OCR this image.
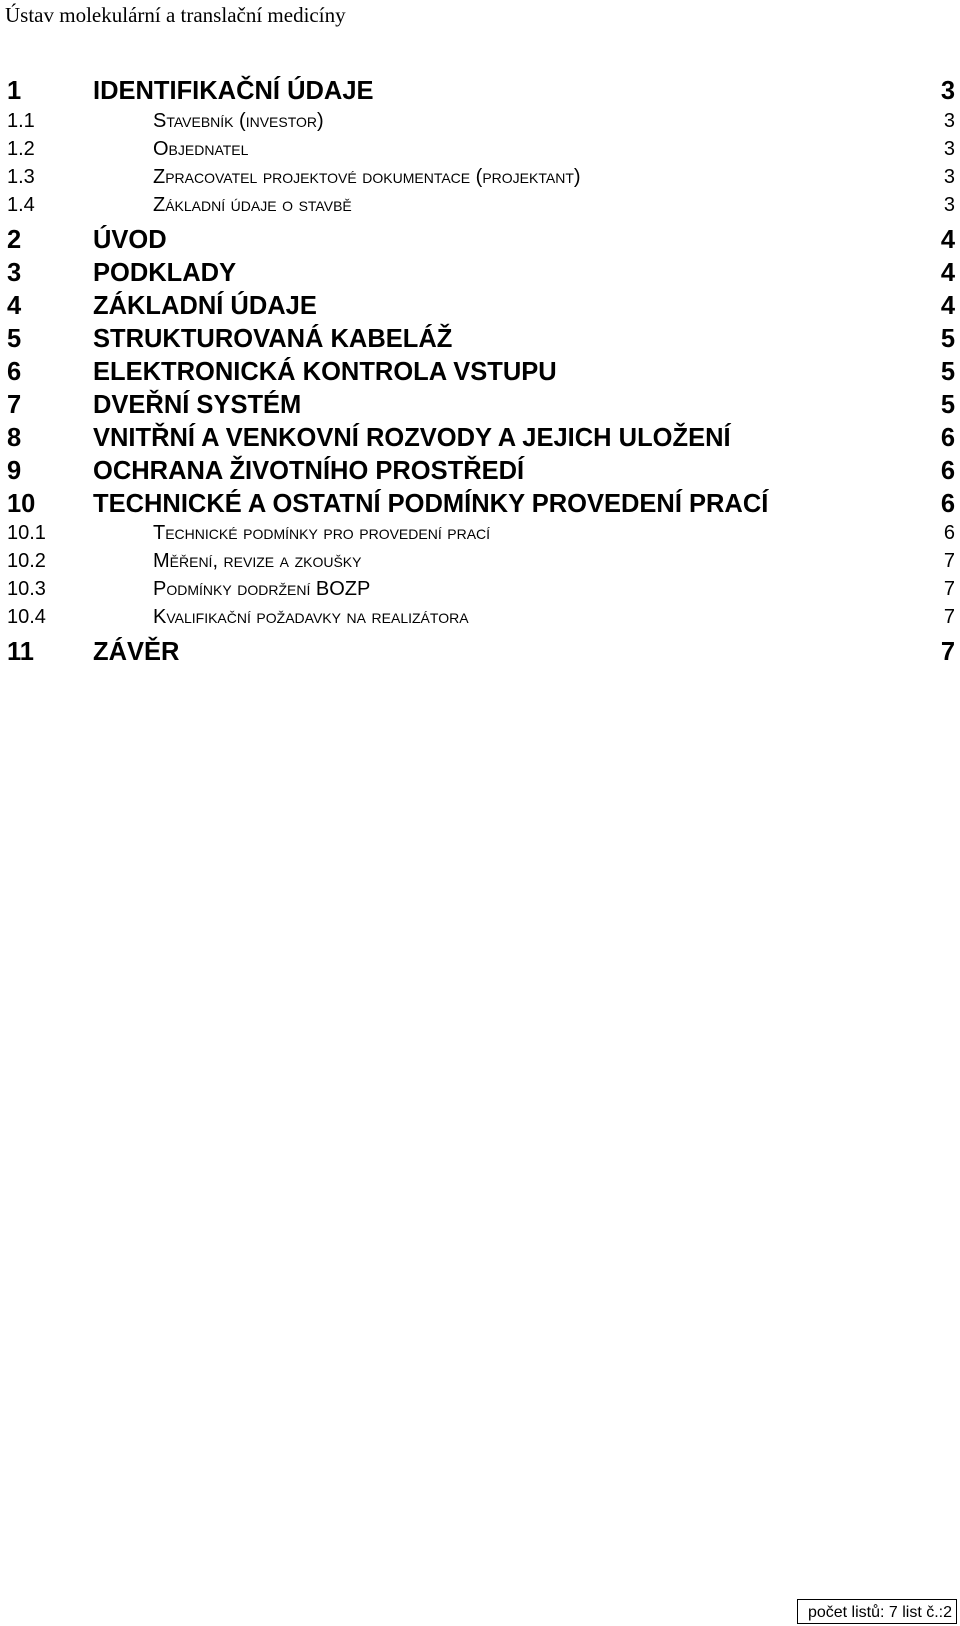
Ústav molekulární a translační medicíny
1	IDENTIFIKAČNÍ ÚDAJE	3
1.1	Stavebník (investor)	3
1.2	Objednatel	3
1.3	Zpracovatel projektové dokumentace (projektant)	3
1.4	Základní údaje o stavbě	3
2	ÚVOD	4
3	PODKLADY	4
4	ZÁKLADNÍ ÚDAJE	4
5	STRUKTUROVANÁ KABELÁŽ	5
6	ELEKTRONICKÁ KONTROLA VSTUPU	5
7	DVEŘNÍ SYSTÉM	5
8	VNITŘNÍ A VENKOVNÍ ROZVODY A JEJICH ULOŽENÍ	6
9	OCHRANA ŽIVOTNÍHO PROSTŘEDÍ	6
10 TECHNICKÉ A OSTATNÍ PODMÍNKY PROVEDENÍ PRACÍ	6
10.1	Technické podmínky pro provedení prací	6
10.2	Měření, revize a zkoušky	7
10.3	Podmínky dodržení BOZP	7
10.4	Kvalifikační požadavky na realizátora	7
11 ZÁVĚR	7
počet listů: 7 list č.:2
